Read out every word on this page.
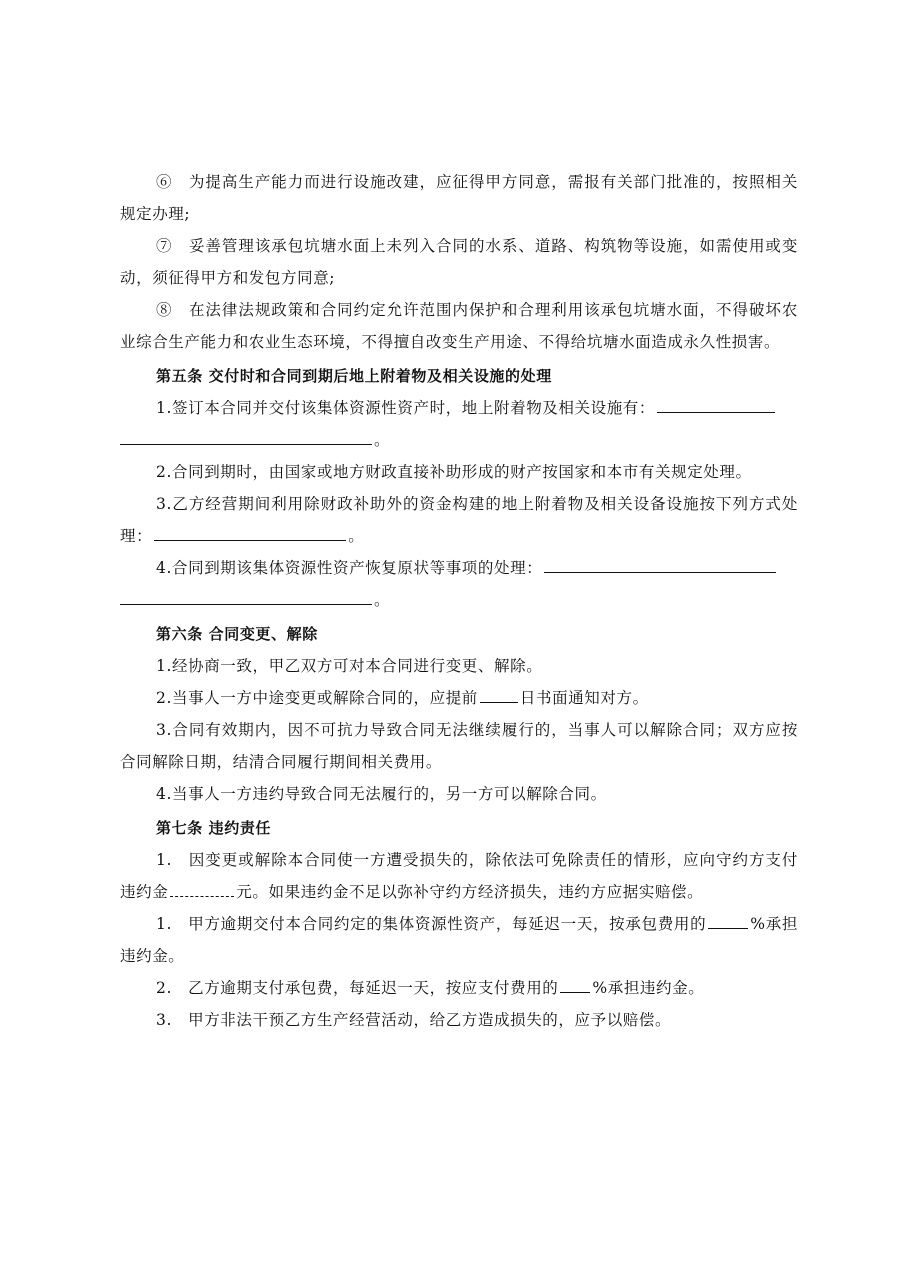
⑥　为提高生产能力而进行设施改建，应征得甲方同意，需报有关部门批准的，按照相关规定办理;

⑦　妥善管理该承包坑塘水面上未列入合同的水系、道路、构筑物等设施，如需使用或变动，须征得甲方和发包方同意;

⑧　在法律法规政策和合同约定允许范围内保护和合理利用该承包坑塘水面，不得破坏农业综合生产能力和农业生态环境，不得擅自改变生产用途、不得给坑塘水面造成永久性损害。

第五条 交付时和合同到期后地上附着物及相关设施的处理

1.签订本合同并交付该集体资源性资产时，地上附着物及相关设施有：

。

2.合同到期时，由国家或地方财政直接补助形成的财产按国家和本市有关规定处理。

3.乙方经营期间利用除财政补助外的资金构建的地上附着物及相关设备设施按下列方式处理：	。

4.合同到期该集体资源性资产恢复原状等事项的处理：

。

第六条 合同变更、解除

1.经协商一致，甲乙双方可对本合同进行变更、解除。

2.当事人一方中途变更或解除合同的，应提前	日书面通知对方。

3.合同有效期内，因不可抗力导致合同无法继续履行的，当事人可以解除合同；双方应按合同解除日期，结清合同履行期间相关费用。

4.当事人一方违约导致合同无法履行的，另一方可以解除合同。

第七条 违约责任

1.　因变更或解除本合同使一方遭受损失的，除依法可免除责任的情形，应向守约方支付违约金	元。如果违约金不足以弥补守约方经济损失，违约方应据实赔偿。

1.　甲方逾期交付本合同约定的集体资源性资产，每延迟一天，按承包费用的	%承担违约金。

2.　乙方逾期支付承包费，每延迟一天，按应支付费用的 %承担违约金。

3.　甲方非法干预乙方生产经营活动，给乙方造成损失的，应予以赔偿。
